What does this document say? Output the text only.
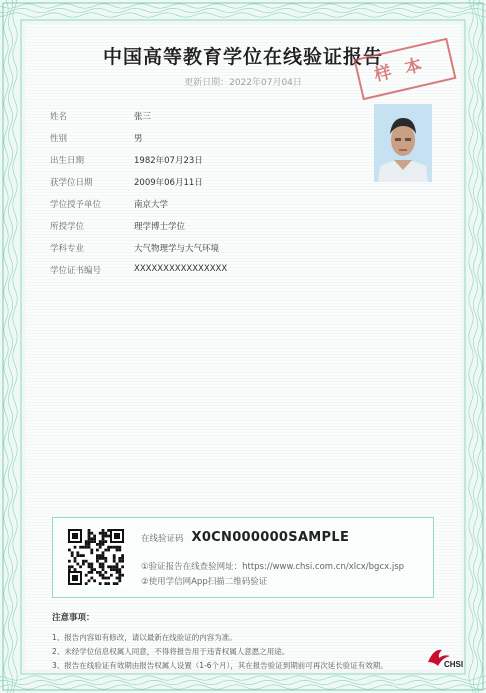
中国高等教育学位在线验证报告
更新日期：2022年07月04日	样本
姓名	张三
性别	男
出生日期	1982年07月23日
获学位日期	2009年06月11日
学位授予单位	南京大学
所授学位	理学博士学位
学科专业	大气物理学与大气环境
学位证书编号	XXXXXXXXXXXXXXXX
在线验证码 X0CN000000SAMPLE
①验证报告在线查验网址：https://www.chsi.com.cn/xlcx/bgcx.jsp
②使用学信网App扫描二维码验证
注意事项：
1、报告内容如有修改，请以最新在线验证的内容为准。
2、未经学位信息权属人同意，不得将报告用于违背权属人意愿之用途。
3、报告在线验证有效期由报告权属人设置（1-6个月），其在报告验证到期前可再次延长验证有效期。	CHSI
